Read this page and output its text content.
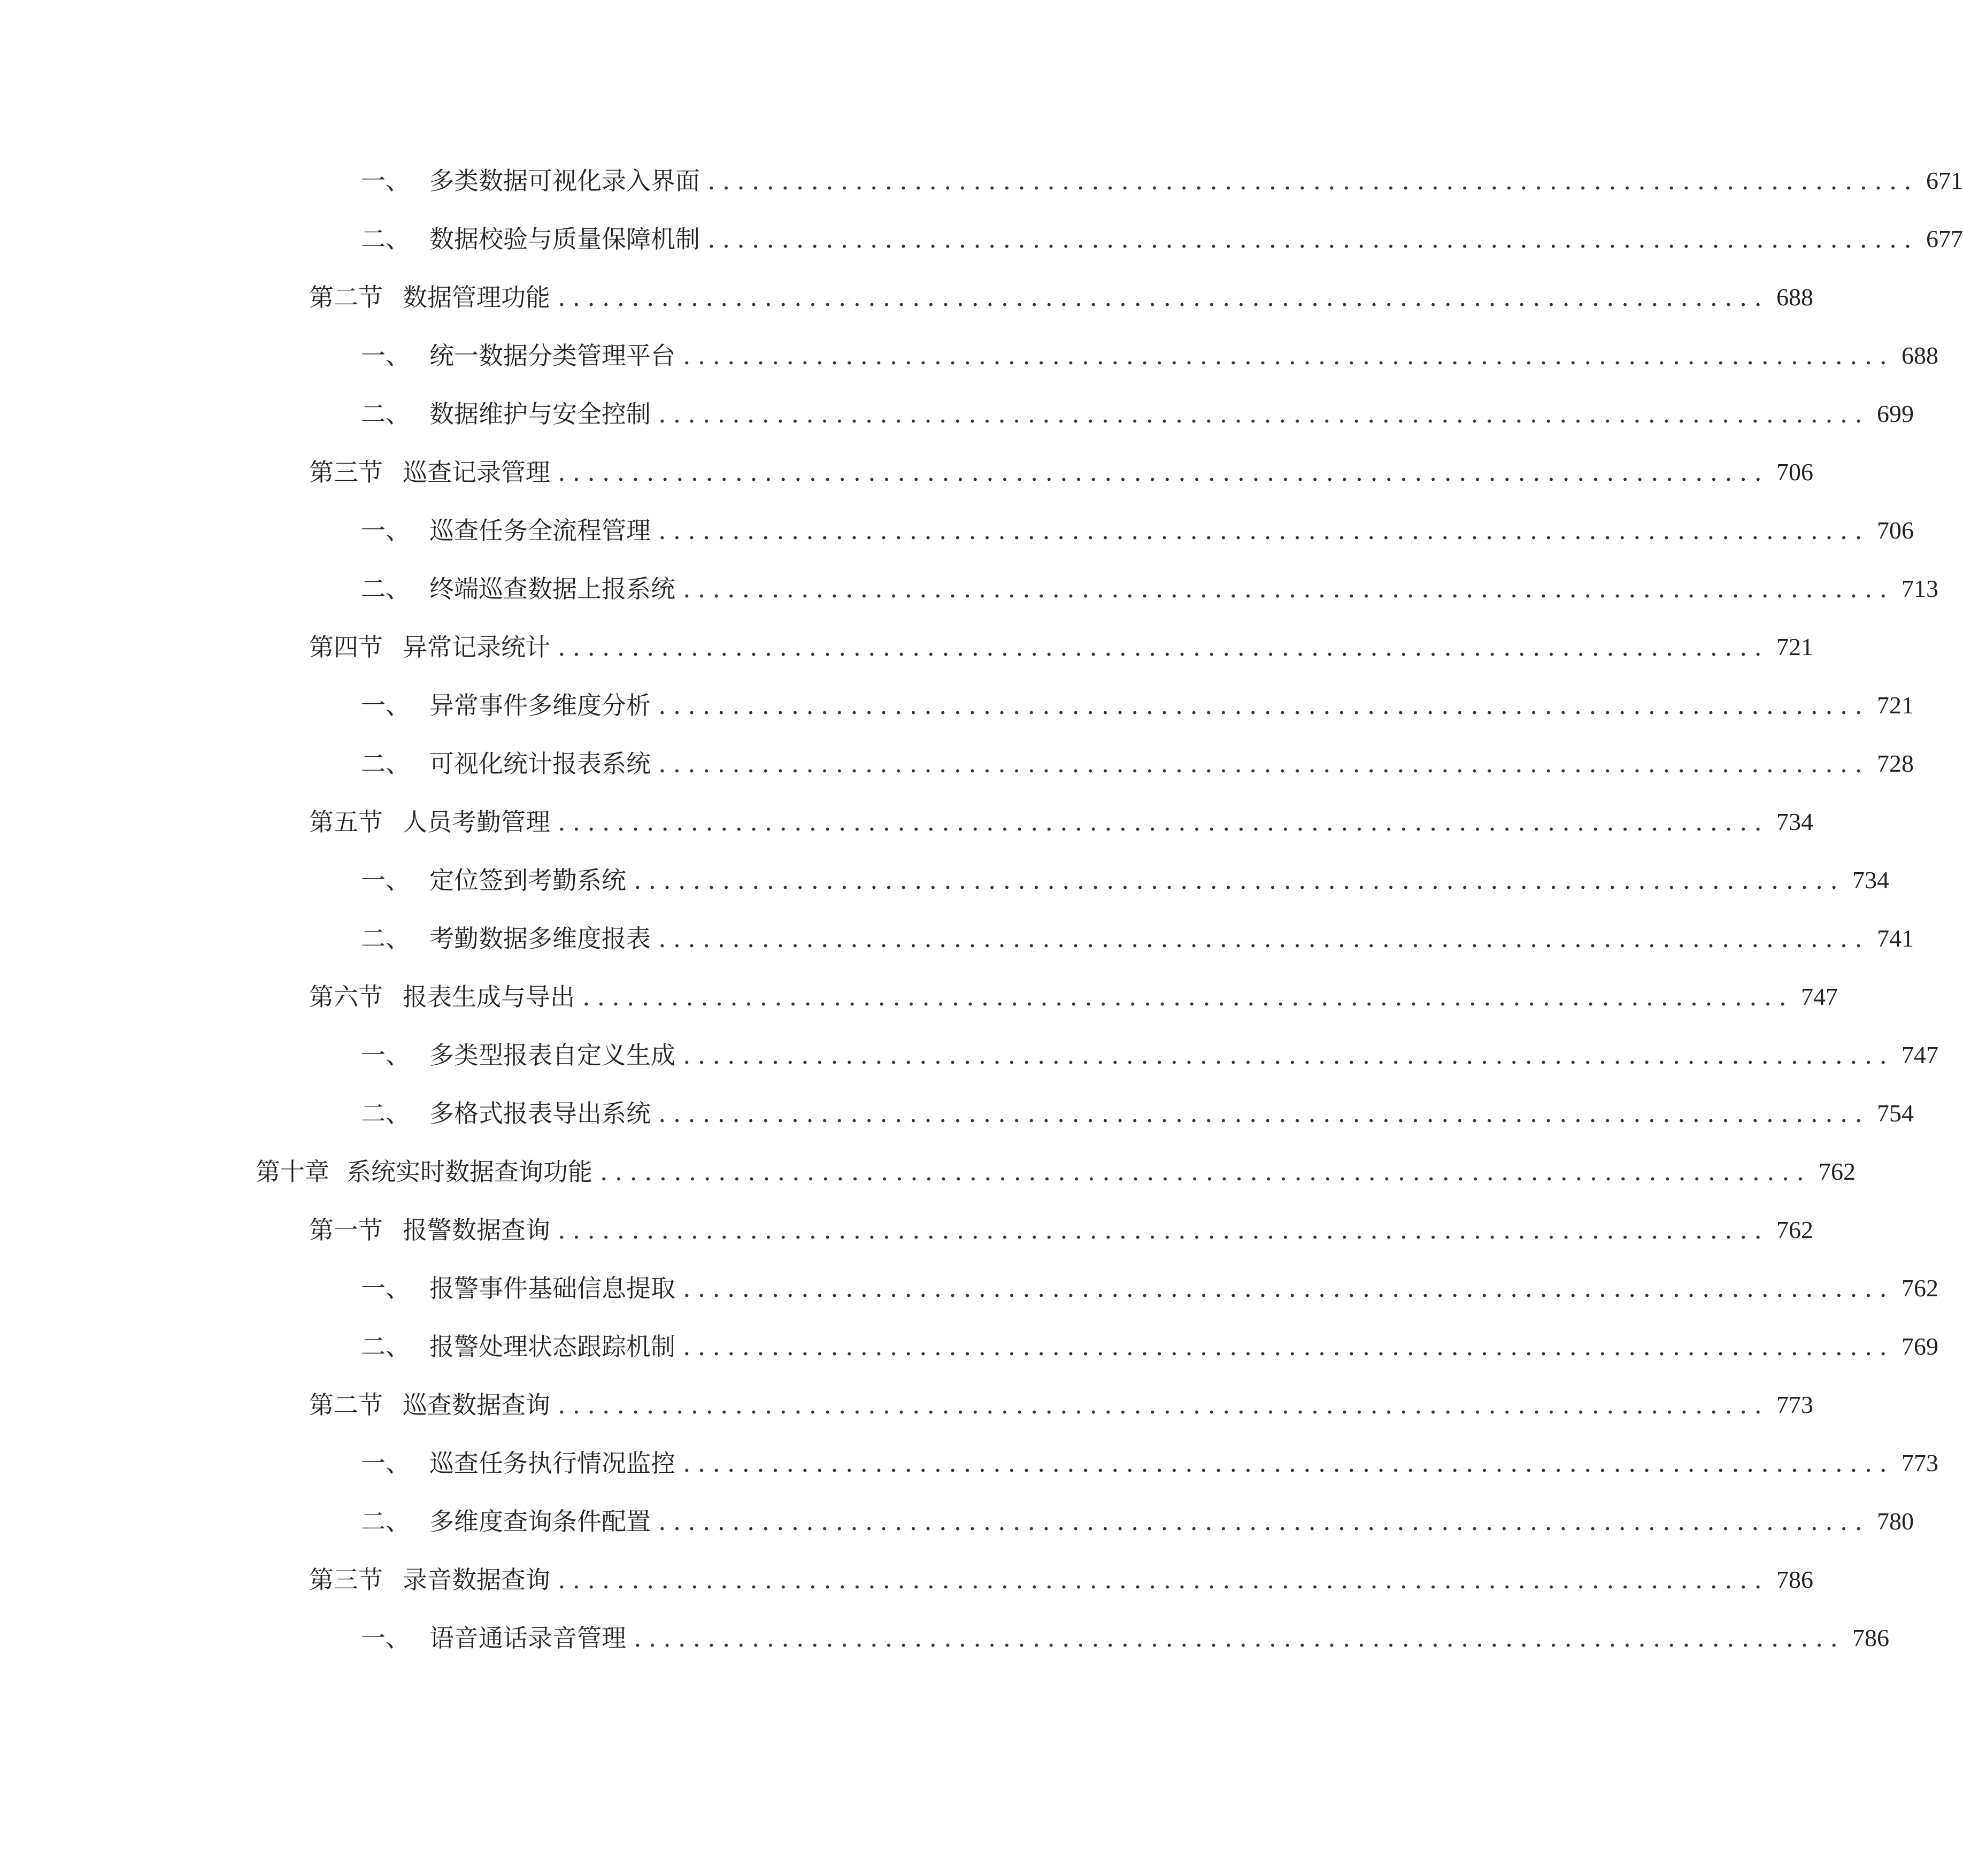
一、 多类数据可视化录入界面 .................................................................................. 671
二、 数据校验与质量保障机制 .................................................................................. 677
第二节 数据管理功能 .................................................................................. 688
一、 统一数据分类管理平台 .................................................................................. 688
二、 数据维护与安全控制 .................................................................................. 699
第三节 巡查记录管理 .................................................................................. 706
一、 巡查任务全流程管理 .................................................................................. 706
二、 终端巡查数据上报系统 .................................................................................. 713
第四节 异常记录统计 .................................................................................. 721
一、 异常事件多维度分析 .................................................................................. 721
二、 可视化统计报表系统 .................................................................................. 728
第五节 人员考勤管理 .................................................................................. 734
一、 定位签到考勤系统 .................................................................................. 734
二、 考勤数据多维度报表 .................................................................................. 741
第六节 报表生成与导出 .................................................................................. 747
一、 多类型报表自定义生成 .................................................................................. 747
二、 多格式报表导出系统 .................................................................................. 754
第十章 系统实时数据查询功能 .................................................................................. 762
第一节 报警数据查询 .................................................................................. 762
一、 报警事件基础信息提取 .................................................................................. 762
二、 报警处理状态跟踪机制 .................................................................................. 769
第二节 巡查数据查询 .................................................................................. 773
一、 巡查任务执行情况监控 .................................................................................. 773
二、 多维度查询条件配置 .................................................................................. 780
第三节 录音数据查询 .................................................................................. 786
一、 语音通话录音管理 .................................................................................. 786
